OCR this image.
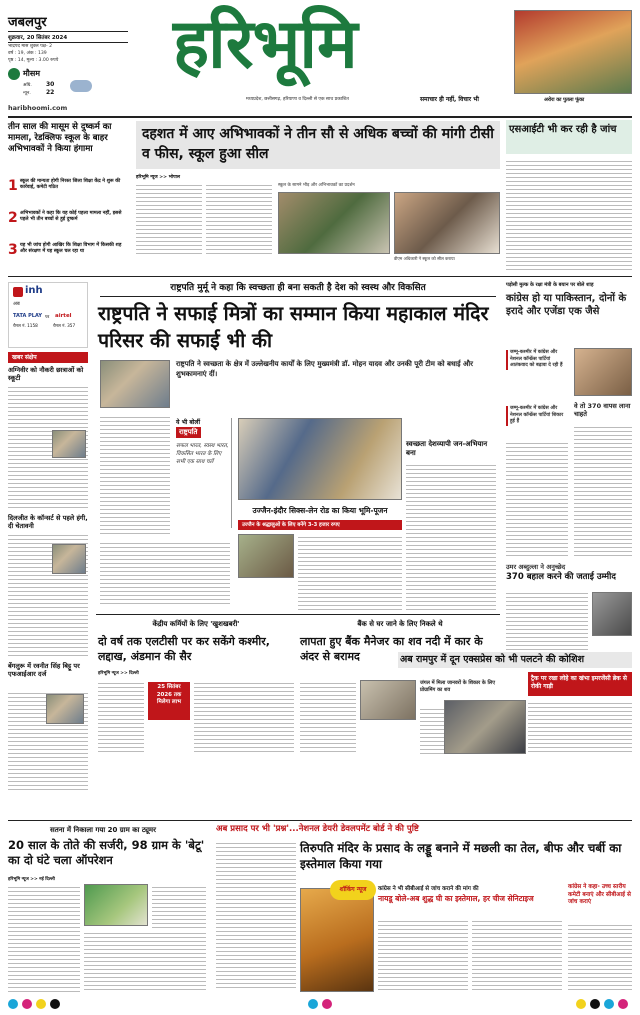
जबलपुर
शुक्रवार, 20 सितंबर 2024
भाद्रपद मास शुक्ल पक्ष- 2
वर्ष : 19, अंक : 139
पृष्ठ : 14, मूल्य : 3.00 रुपये
मौसम
अधि. 30
न्यून.	22
haribhoomi.com
हरिभूमि
मध्यप्रदेश, छत्तीसगढ़, हरियाणा व दिल्ली से एक साथ प्रकाशित	समाचार ही नहीं, विचार भी	अरोरा का पुतला फूंका
तीन साल की मासूम से दुष्कर्म का मामला, रेडक्लिफ स्कूल के बाहर अभिभावकों ने किया हंगामा
1 स्कूल की मान्यता होगी निरस्त जिला शिक्षा केंद्र ने शुरू की कार्रवाई, कमेटी गठित
2 अभिभावकों ने कहा कि यह कोई पहला मामला नहीं, इससे पहले भी तीन बच्चों से हुई दुष्कर्म
3 यह भी जांच होगी आखिर कि शिक्षा विभाग में किसकी शह और संरक्षण में यह स्कूल चल रहा था
दहशत में आए अभिभावकों ने तीन सौ से अधिक बच्चों की मांगी टीसी व फीस, स्कूल हुआ सील
हरिभूमि न्यूज >> भोपाल
स्कूल के सामने भीड़ और अभिभावकों का प्रदर्शन
डीएम अधिकारी ने स्कूल को सील कराया
एसआईटी भी कर रही है जांच
inh
अब
TATA PLAY airtel
पर
चैनल नं. 1158	चैनल नं. 357
खबर संक्षेप
अग्निवीर को नौकरी छात्राओं को स्कूटी
दिलजीत के कॉन्सर्ट से पहले हंगी, दी चेतावनी
बेंगलुरू में रवनीत सिंह बिट्टू पर एफआईआर दर्ज
राष्ट्रपति मुर्मू ने कहा कि स्वच्छता ही बना सकती है देश को स्वस्थ और विकसित
राष्ट्रपति ने सफाई मित्रों का सम्मान किया महाकाल मंदिर परिसर की सफाई भी की
राष्ट्रपति ने स्वच्छता के क्षेत्र में उल्लेखनीय कार्यों के लिए मुख्यमंत्री डॉ. मोहन यादव और उनकी पूरी टीम को बधाई और शुभकामनाएं दीं।
ये भी बोलीं
राष्ट्रपति
सफल भारत, स्वस्थ भारत, विकसित भारत के लिए सभी एक साथ चलें
स्वच्छता देशव्यापी जन-अभियान बना
उज्जैन-इंदौर सिक्स-लेन रोड का किया भूमि-पूजन
उज्जैन के श्रद्धालुओं के लिए बनेंगे 3-3 हजार रुपए
पड़ोसी मुल्क के रक्षा मंत्री के बयान पर बोले शाह
कांग्रेस हो या पाकिस्तान, दोनों के इरादे और एजेंडा एक जैसे
जम्मू-कश्मीर में कांग्रेस और नेशनल कॉन्फ्रेंस पार्टियां आतंकवाद को बढ़ावा दे रही हैं
जम्मू-कश्मीर में कांग्रेस और नेशनल कॉन्फ्रेंस पार्टियां शिकार हुई हैं
वे तो 370 वापस लाना चाहते
उमर अब्दुल्ला ने अनुच्छेद
370 बहाल करने की जताई उम्मीद
केंद्रीय कर्मियों के लिए 'खुशखबरी'
दो वर्ष तक एलटीसी पर कर सकेंगे कश्मीर, लद्दाख, अंडमान की सैर
हरिभूमि न्यूज >> दिल्ली
25 सितंबर 2026 तक मिलेगा लाभ
बैंक से घर जाने के लिए निकले थे
लापता हुए बैंक मैनेजर का शव नदी में कार के अंदर से बरामद
जंगल में मिला जानवरों के शिकार के लिए प्रोग्रामिंग का शव
अब रामपुर में दून एक्सप्रेस को भी पलटने की कोशिश
ट्रैक पर रखा लोहे का खंभा इमरजेंसी ब्रेक से रोकी गाड़ी
सतना में निकाला गया 20 ग्राम का ट्यूमर
20 साल के तोते की सर्जरी, 98 ग्राम के 'बेटू' का दो घंटे चला ऑपरेशन
हरिभूमि न्यूज >> नई दिल्ली
अब प्रसाद पर भी 'प्रश्न'...नेशनल डेयरी डेवलपमेंट बोर्ड ने की पुष्टि
तिरुपति मंदिर के प्रसाद के लड्डू बनाने में मछली का तेल, बीफ और चर्बी का इस्तेमाल किया गया
शॉकिंग न्यूज	कांग्रेस ने भी सीबीआई से जांच कराने की मांग की
नायडू बोले-अब शुद्ध घी का इस्तेमाल, हर चीज सेनिटाइज
कांग्रेस ने कहा- उच्च स्तरीय कमेटी बनाएं और सीबीआई से जांच कराएं
